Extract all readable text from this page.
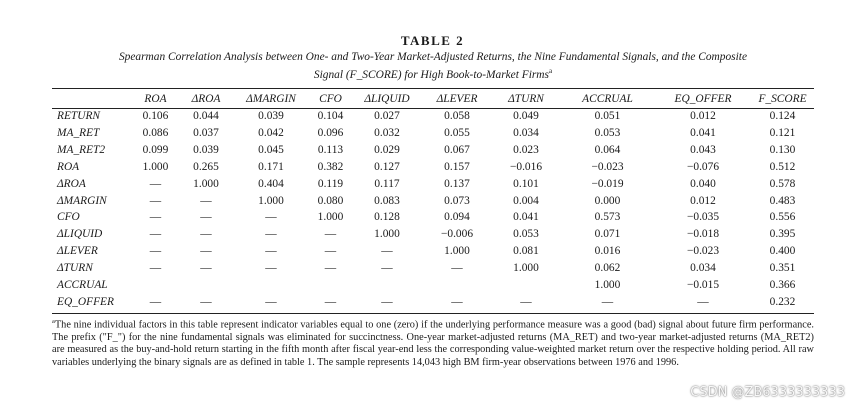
TABLE 2
Spearman Correlation Analysis between One- and Two-Year Market-Adjusted Returns, the Nine Fundamental Signals, and the Composite
Signal (F_SCORE) for High Book-to-Market Firms$^a$
	ROA	ΔROA	ΔMARGIN	CFO	ΔLIQUID	ΔLEVER	ΔTURN	ACCRUAL	EQ_OFFER	F_SCORE
RETURN	0.106	0.044	0.039	0.104	0.027	0.058	0.049	0.051	0.012	0.124
MA_RET	0.086	0.037	0.042	0.096	0.032	0.055	0.034	0.053	0.041	0.121
MA_RET2	0.099	0.039	0.045	0.113	0.029	0.067	0.023	0.064	0.043	0.130
ROA	1.000	0.265	0.171	0.382	0.127	0.157	−0.016	−0.023	−0.076	0.512
ΔROA	—	1.000	0.404	0.119	0.117	0.137	0.101	−0.019	0.040	0.578
ΔMARGIN	—	—	1.000	0.080	0.083	0.073	0.004	0.000	0.012	0.483
CFO	—	—	—	1.000	0.128	0.094	0.041	0.573	−0.035	0.556
ΔLIQUID	—	—	—	—	1.000	−0.006	0.053	0.071	−0.018	0.395
ΔLEVER	—	—	—	—	—	1.000	0.081	0.016	−0.023	0.400
ΔTURN	—	—	—	—	—	—	1.000	0.062	0.034	0.351
ACCRUAL								1.000	−0.015	0.366
EQ_OFFER	—	—	—	—	—	—	—	—	—	0.232
$^a$The nine individual factors in this table represent indicator variables equal to one (zero) if the underlying performance measure was a good (bad) signal about future firm performance. The prefix ("F_") for the nine fundamental signals was eliminated for succinctness. One-year market-adjusted returns (MA_RET) and two-year market-adjusted returns (MA_RET2) are measured as the buy-and-hold return starting in the fifth month after fiscal year-end less the corresponding value-weighted market return over the respective holding period. All raw variables underlying the binary signals are as defined in table 1. The sample represents 14,043 high BM firm-year observations between 1976 and 1996.
CSDN @ZB6333333333
